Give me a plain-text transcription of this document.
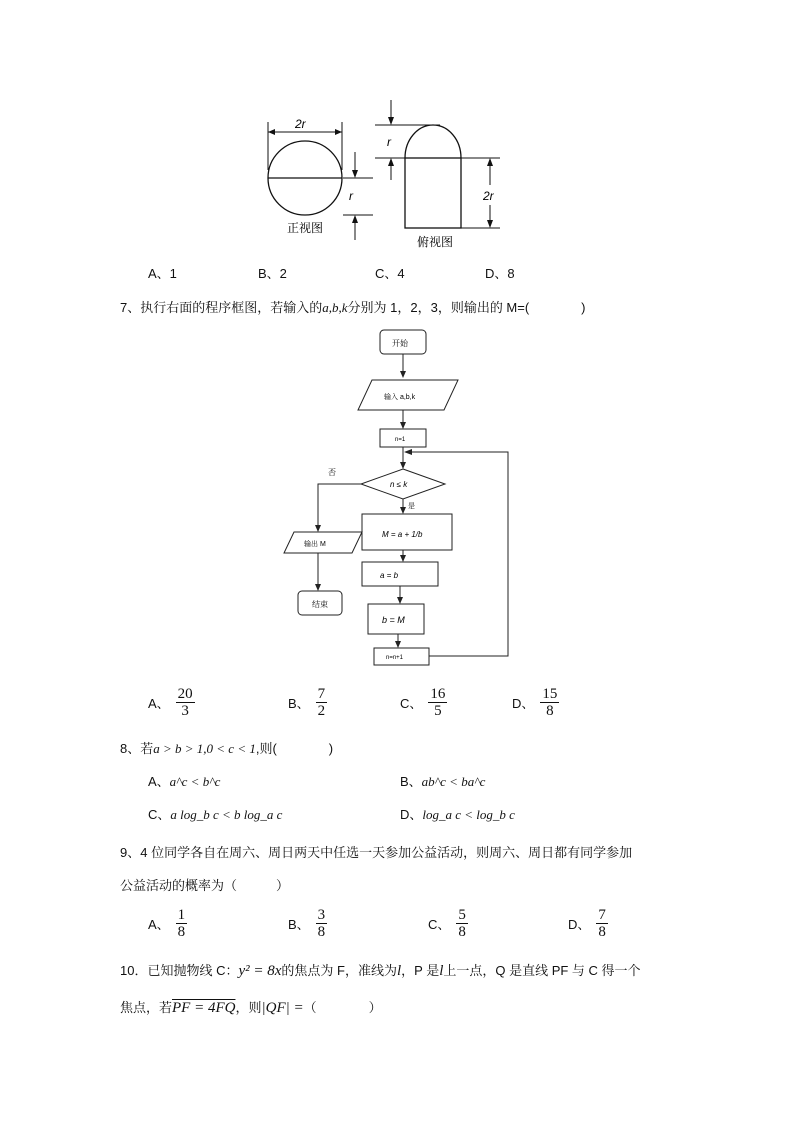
2r
r
正视图
r
2r
俯视图
A、1	B、2	C、4	D、8
7、执行右面的程序框图，若输入的a,b,k分别为 1，2，3，则输出的 M=(　　　　)
开始
输入 a,b,k
n=1
n ≤ k
是
否
M = a + 1/b
a = b
b = M
n=n+1
输出 M
结束
A、 $\frac{20}{3}$	B、 $\frac{7}{2}$	C、 $\frac{16}{5}$	D、 $\frac{15}{8}$
8、若a > b > 1,0 < c < 1,则(　　　　)
A、a^c < b^c	B、ab^c < ba^c
C、a log_b c < b log_a c	D、log_a c < log_b c
9、4 位同学各自在周六、周日两天中任选一天参加公益活动，则周六、周日都有同学参加
公益活动的概率为（　　　）
A、 $\frac{1}{8}$	B、 $\frac{3}{8}$	C、 $\frac{5}{8}$	D、 $\frac{7}{8}$
10．已知抛物线 C：y² = 8x的焦点为 F，准线为l，P 是l上一点，Q 是直线 PF 与 C 得一个
焦点，若PF = 4FQ，则|QF| =（　　　　）
